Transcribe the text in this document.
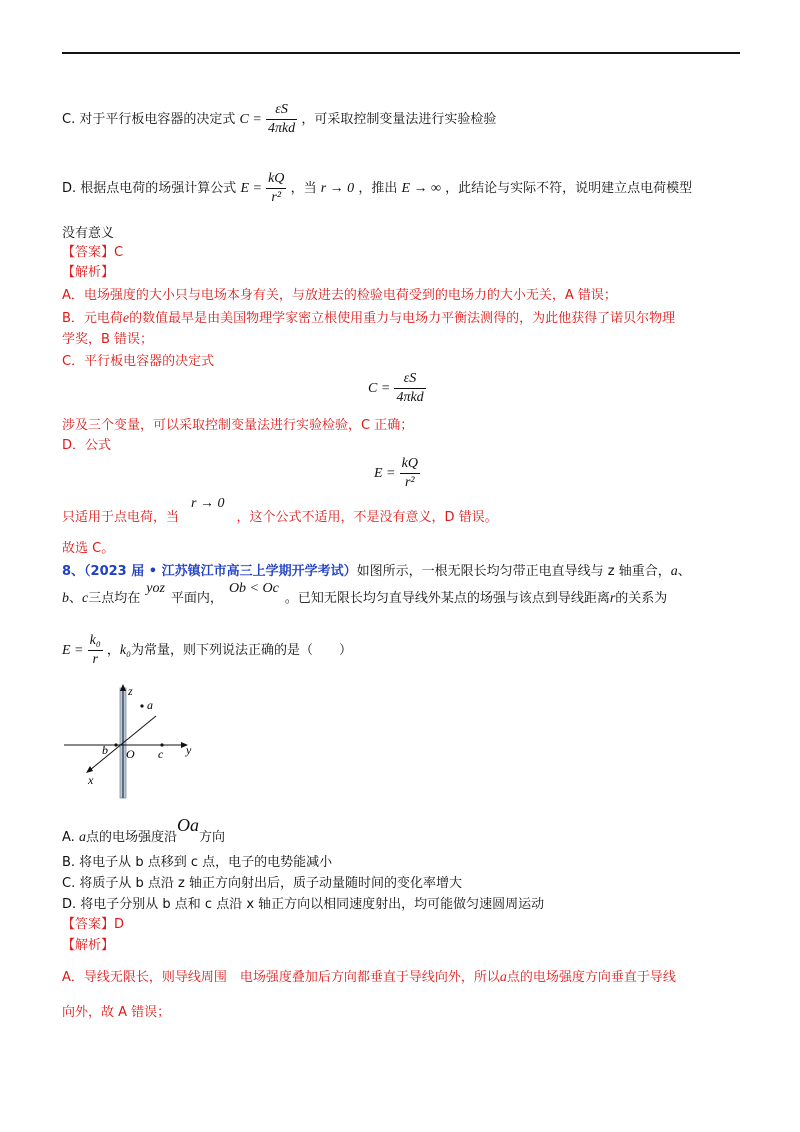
C. 对于平行板电容器的决定式 $C = \frac{\varepsilon S}{\text{4πkd}}$ ，可采取控制变量法进行实验检验
D. 根据点电荷的场强计算公式 $E = \frac{kQ}{\text{r²}}$ ，当 r → 0 ，推出 E → ∞ ，此结论与实际不符，说明建立点电荷模型
没有意义
【答案】C
【解析】
A．电场强度的大小只与电场本身有关，与放进去的检验电荷受到的电场力的大小无关，A 错误；
B．元电荷e的数值最早是由美国物理学家密立根使用重力与电场力平衡法测得的，为此他获得了诺贝尔物理
学奖，B 错误；
C．平行板电容器的决定式
$C = \frac{\varepsilon S}{\text{4πkd}}$
涉及三个变量，可以采取控制变量法进行实验检验，C 正确；
D．公式
$E = \frac{kQ}{\text{r²}}$
只适用于点电荷，当r → 0，这个公式不适用，不是没有意义，D 错误。
故选 C。
8、（2023 届 • 江苏镇江市高三上学期开学考试）如图所示，一根无限长均匀带正电直导线与 z 轴重合，a、
b、c三点均在yoz平面内，Ob < Oc。已知无限长均匀直导线外某点的场强与该点到导线距离r的关系为
$E = \frac{\text{k₀}}{r}$ ，k₀为常量，则下列说法正确的是（　　）
z
y
x
O
a
b	c
A. a点的电场强度沿Oa方向
B. 将电子从 b 点移到 c 点，电子的电势能减小
C. 将质子从 b 点沿 z 轴正方向射出后，质子动量随时间的变化率增大
D. 将电子分别从 b 点和 c 点沿 x 轴正方向以相同速度射出，均可能做匀速圆周运动
【答案】D
【解析】
A．导线无限长，则导线周围　电场强度叠加后方向都垂直于导线向外，所以a点的电场强度方向垂直于导线
向外，故 A 错误；
